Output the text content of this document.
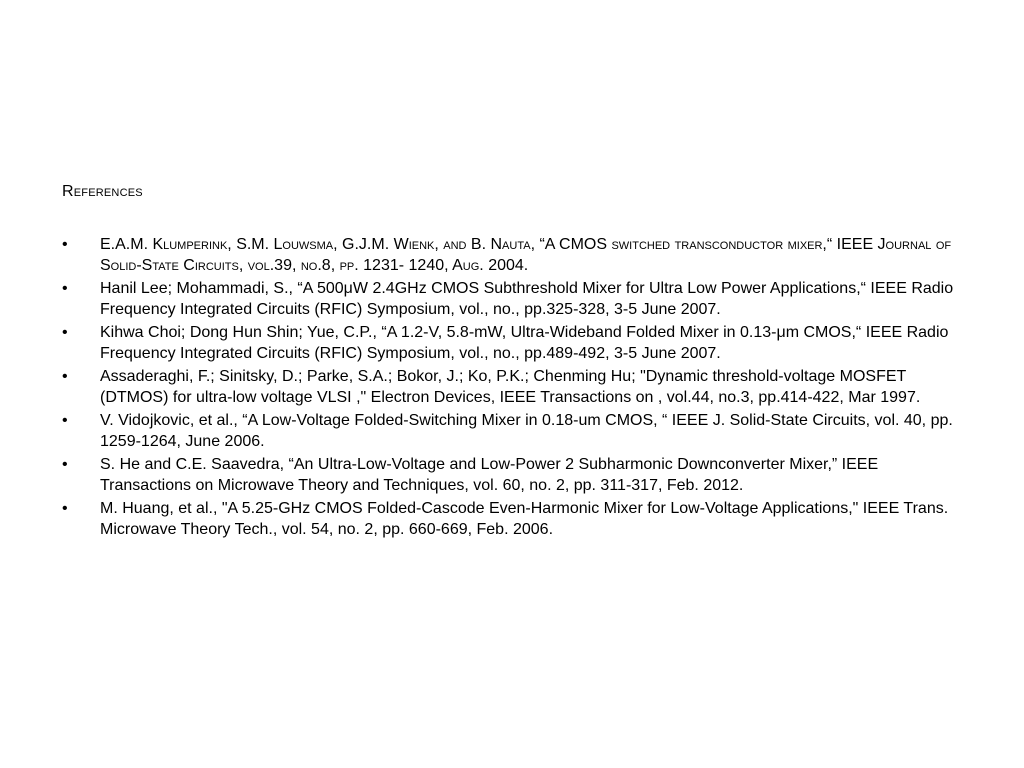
References
• E.A.M. Klumperink, S.M. Louwsma, G.J.M. Wienk, and B. Nauta, “A CMOS switched transconductor mixer,“ IEEE Journal of Solid-State Circuits, vol.39, no.8, pp. 1231- 1240, Aug. 2004.
• Hanil Lee; Mohammadi, S., “A 500μW 2.4GHz CMOS Subthreshold Mixer for Ultra Low Power Applications,“ IEEE Radio Frequency Integrated Circuits (RFIC) Symposium, vol., no., pp.325-328, 3-5 June 2007.
• Kihwa Choi; Dong Hun Shin; Yue, C.P., “A 1.2-V, 5.8-mW, Ultra-Wideband Folded Mixer in 0.13-μm CMOS,“ IEEE Radio Frequency Integrated Circuits (RFIC) Symposium, vol., no., pp.489-492, 3-5 June 2007.
• Assaderaghi, F.; Sinitsky, D.; Parke, S.A.; Bokor, J.; Ko, P.K.; Chenming Hu; "Dynamic threshold-voltage MOSFET (DTMOS) for ultra-low voltage VLSI ," Electron Devices, IEEE Transactions on , vol.44, no.3, pp.414-422, Mar 1997.
• V. Vidojkovic, et al., “A Low-Voltage Folded-Switching Mixer in 0.18-um CMOS, “ IEEE J. Solid-State Circuits, vol. 40, pp. 1259-1264, June 2006.
• S. He and C.E. Saavedra, “An Ultra-Low-Voltage and Low-Power 2 Subharmonic Downconverter Mixer,” IEEE Transactions on Microwave Theory and Techniques, vol. 60, no. 2, pp. 311-317, Feb. 2012.
• M. Huang, et al., "A 5.25-GHz CMOS Folded-Cascode Even-Harmonic Mixer for Low-Voltage Applications," IEEE Trans. Microwave Theory Tech., vol. 54, no. 2, pp. 660-669, Feb. 2006.
